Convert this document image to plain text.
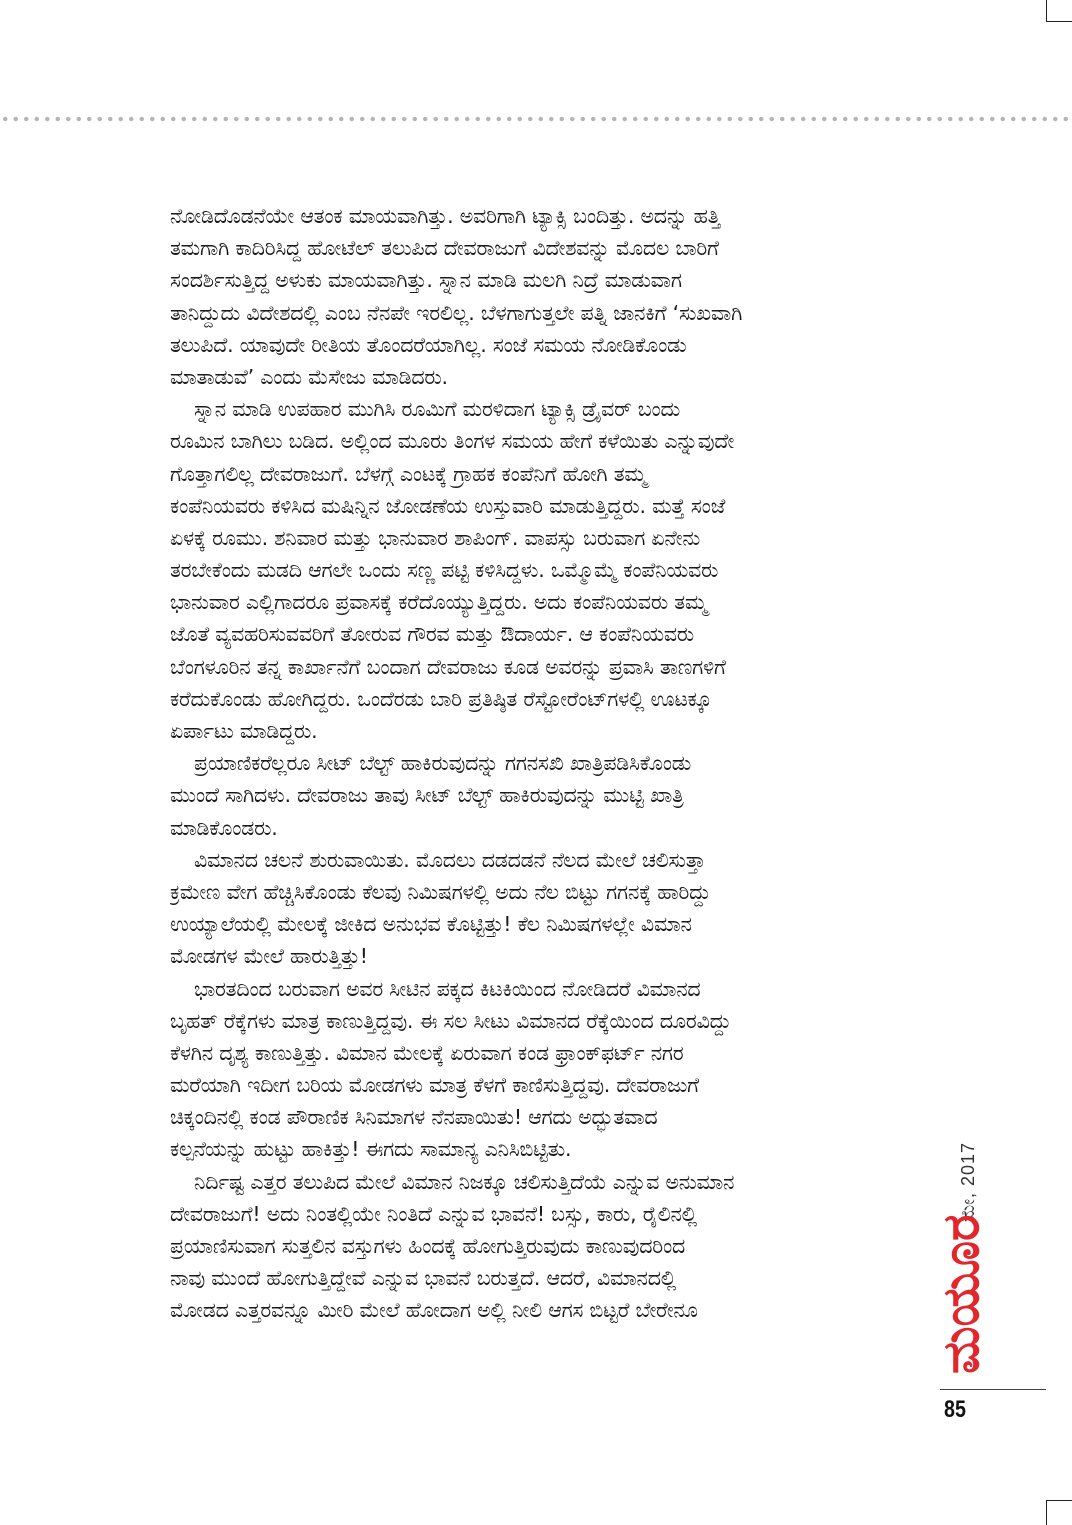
ನೋಡಿದೊಡನೆಯೇ ಆತಂಕ ಮಾಯವಾಗಿತ್ತು. ಅವರಿಗಾಗಿ ಟ್ಯಾಕ್ಸಿ ಬಂದಿತ್ತು. ಅದನ್ನು ಹತ್ತಿ
ತಮಗಾಗಿ ಕಾದಿರಿಸಿದ್ದ ಹೋಟೆಲ್ ತಲುಪಿದ ದೇವರಾಜುಗೆ ವಿದೇಶವನ್ನು ಮೊದಲ ಬಾರಿಗೆ
ಸಂದರ್ಶಿಸುತ್ತಿದ್ದ ಅಳುಕು ಮಾಯವಾಗಿತ್ತು. ಸ್ನಾನ ಮಾಡಿ ಮಲಗಿ ನಿದ್ರೆ ಮಾಡುವಾಗ
ತಾನಿದ್ದುದು ವಿದೇಶದಲ್ಲಿ ಎಂಬ ನೆನಪೇ ಇರಲಿಲ್ಲ. ಬೆಳಗಾಗುತ್ತಲೇ ಪತ್ನಿ ಜಾನಕಿಗೆ ‘ಸುಖವಾಗಿ
ತಲುಪಿದೆ. ಯಾವುದೇ ರೀತಿಯ ತೊಂದರೆಯಾಗಿಲ್ಲ. ಸಂಜೆ ಸಮಯ ನೋಡಿಕೊಂಡು
ಮಾತಾಡುವೆ’ ಎಂದು ಮೆಸೇಜು ಮಾಡಿದರು.
ಸ್ನಾನ ಮಾಡಿ ಉಪಹಾರ ಮುಗಿಸಿ ರೂಮಿಗೆ ಮರಳಿದಾಗ ಟ್ಯಾಕ್ಸಿ ಡ್ರೈವರ್ ಬಂದು
ರೂಮಿನ ಬಾಗಿಲು ಬಡಿದ. ಅಲ್ಲಿಂದ ಮೂರು ತಿಂಗಳ ಸಮಯ ಹೇಗೆ ಕಳೆಯಿತು ಎನ್ನುವುದೇ
ಗೊತ್ತಾಗಲಿಲ್ಲ ದೇವರಾಜುಗೆ. ಬೆಳಗ್ಗೆ ಎಂಟಕ್ಕೆ ಗ್ರಾಹಕ ಕಂಪೆನಿಗೆ ಹೋಗಿ ತಮ್ಮ
ಕಂಪೆನಿಯವರು ಕಳಿಸಿದ ಮಷಿನ್ನಿನ ಜೋಡಣೆಯ ಉಸ್ತುವಾರಿ ಮಾಡುತ್ತಿದ್ದರು. ಮತ್ತೆ ಸಂಜೆ
ಏಳಕ್ಕೆ ರೂಮು. ಶನಿವಾರ ಮತ್ತು ಭಾನುವಾರ ಶಾಪಿಂಗ್. ವಾಪಸ್ಸು ಬರುವಾಗ ಏನೇನು
ತರಬೇಕೆಂದು ಮಡದಿ ಆಗಲೇ ಒಂದು ಸಣ್ಣ ಪಟ್ಟಿ ಕಳಿಸಿದ್ದಳು. ಒಮ್ಮೊಮ್ಮೆ ಕಂಪೆನಿಯವರು
ಭಾನುವಾರ ಎಲ್ಲಿಗಾದರೂ ಪ್ರವಾಸಕ್ಕೆ ಕರೆದೊಯ್ಯುತ್ತಿದ್ದರು. ಅದು ಕಂಪೆನಿಯವರು ತಮ್ಮ
ಜೊತೆ ವ್ಯವಹರಿಸುವವರಿಗೆ ತೋರುವ ಗೌರವ ಮತ್ತು ಔದಾರ್ಯ. ಆ ಕಂಪೆನಿಯವರು
ಬೆಂಗಳೂರಿನ ತನ್ನ ಕಾರ್ಖಾನೆಗೆ ಬಂದಾಗ ದೇವರಾಜು ಕೂಡ ಅವರನ್ನು ಪ್ರವಾಸಿ ತಾಣಗಳಿಗೆ
ಕರೆದುಕೊಂಡು ಹೋಗಿದ್ದರು. ಒಂದೆರಡು ಬಾರಿ ಪ್ರತಿಷ್ಠಿತ ರೆಸ್ಟೋರೆಂಟ್‌ಗಳಲ್ಲಿ ಊಟಕ್ಕೂ
ಏರ್ಪಾಟು ಮಾಡಿದ್ದರು.
ಪ್ರಯಾಣಿಕರೆಲ್ಲರೂ ಸೀಟ್ ಬೆಲ್ಟ್ ಹಾಕಿರುವುದನ್ನು ಗಗನಸಖಿ ಖಾತ್ರಿಪಡಿಸಿಕೊಂಡು
ಮುಂದೆ ಸಾಗಿದಳು. ದೇವರಾಜು ತಾವು ಸೀಟ್ ಬೆಲ್ಟ್ ಹಾಕಿರುವುದನ್ನು ಮುಟ್ಟಿ ಖಾತ್ರಿ
ಮಾಡಿಕೊಂಡರು.
ವಿಮಾನದ ಚಲನೆ ಶುರುವಾಯಿತು. ಮೊದಲು ದಡದಡನೆ ನೆಲದ ಮೇಲೆ ಚಲಿಸುತ್ತಾ
ಕ್ರಮೇಣ ವೇಗ ಹೆಚ್ಚಿಸಿಕೊಂಡು ಕೆಲವು ನಿಮಿಷಗಳಲ್ಲಿ ಅದು ನೆಲ ಬಿಟ್ಟು ಗಗನಕ್ಕೆ ಹಾರಿದ್ದು
ಉಯ್ಯಾಲೆಯಲ್ಲಿ ಮೇಲಕ್ಕೆ ಜೀಕಿದ ಅನುಭವ ಕೊಟ್ಟಿತ್ತು! ಕೆಲ ನಿಮಿಷಗಳಲ್ಲೇ ವಿಮಾನ
ಮೋಡಗಳ ಮೇಲೆ ಹಾರುತ್ತಿತ್ತು!
ಭಾರತದಿಂದ ಬರುವಾಗ ಅವರ ಸೀಟಿನ ಪಕ್ಕದ ಕಿಟಕಿಯಿಂದ ನೋಡಿದರೆ ವಿಮಾನದ
ಬೃಹತ್ ರೆಕ್ಕೆಗಳು ಮಾತ್ರ ಕಾಣುತ್ತಿದ್ದವು. ಈ ಸಲ ಸೀಟು ವಿಮಾನದ ರೆಕ್ಕೆಯಿಂದ ದೂರವಿದ್ದು
ಕೆಳಗಿನ ದೃಶ್ಯ ಕಾಣುತ್ತಿತ್ತು. ವಿಮಾನ ಮೇಲಕ್ಕೆ ಏರುವಾಗ ಕಂಡ ಫ್ರಾಂಕ್‌ಫರ್ಟ್ ನಗರ
ಮರೆಯಾಗಿ ಇದೀಗ ಬರಿಯ ಮೋಡಗಳು ಮಾತ್ರ ಕೆಳಗೆ ಕಾಣಿಸುತ್ತಿದ್ದವು. ದೇವರಾಜುಗೆ
ಚಿಕ್ಕಂದಿನಲ್ಲಿ ಕಂಡ ಪೌರಾಣಿಕ ಸಿನಿಮಾಗಳ ನೆನಪಾಯಿತು! ಆಗದು ಅದ್ಭುತವಾದ
ಕಲ್ಪನೆಯನ್ನು ಹುಟ್ಟು ಹಾಕಿತ್ತು! ಈಗದು ಸಾಮಾನ್ಯ ಎನಿಸಿಬಿಟ್ಟಿತು.
ನಿರ್ದಿಷ್ಟ ಎತ್ತರ ತಲುಪಿದ ಮೇಲೆ ವಿಮಾನ ನಿಜಕ್ಕೂ ಚಲಿಸುತ್ತಿದೆಯೆ ಎನ್ನುವ ಅನುಮಾನ
ದೇವರಾಜುಗೆ! ಅದು ನಿಂತಲ್ಲಿಯೇ ನಿಂತಿದೆ ಎನ್ನುವ ಭಾವನೆ! ಬಸ್ಸು, ಕಾರು, ರೈಲಿನಲ್ಲಿ
ಪ್ರಯಾಣಿಸುವಾಗ ಸುತ್ತಲಿನ ವಸ್ತುಗಳು ಹಿಂದಕ್ಕೆ ಹೋಗುತ್ತಿರುವುದು ಕಾಣುವುದರಿಂದ
ನಾವು ಮುಂದೆ ಹೋಗುತ್ತಿದ್ದೇವೆ ಎನ್ನುವ ಭಾವನೆ ಬರುತ್ತದೆ. ಆದರೆ, ವಿಮಾನದಲ್ಲಿ
ಮೋಡದ ಎತ್ತರವನ್ನೂ ಮೀರಿ ಮೇಲೆ ಹೋದಾಗ ಅಲ್ಲಿ ನೀಲಿ ಆಗಸ ಬಿಟ್ಟರೆ ಬೇರೇನೂ
ಮೇ, 2017
ಮಯೂರ
85
